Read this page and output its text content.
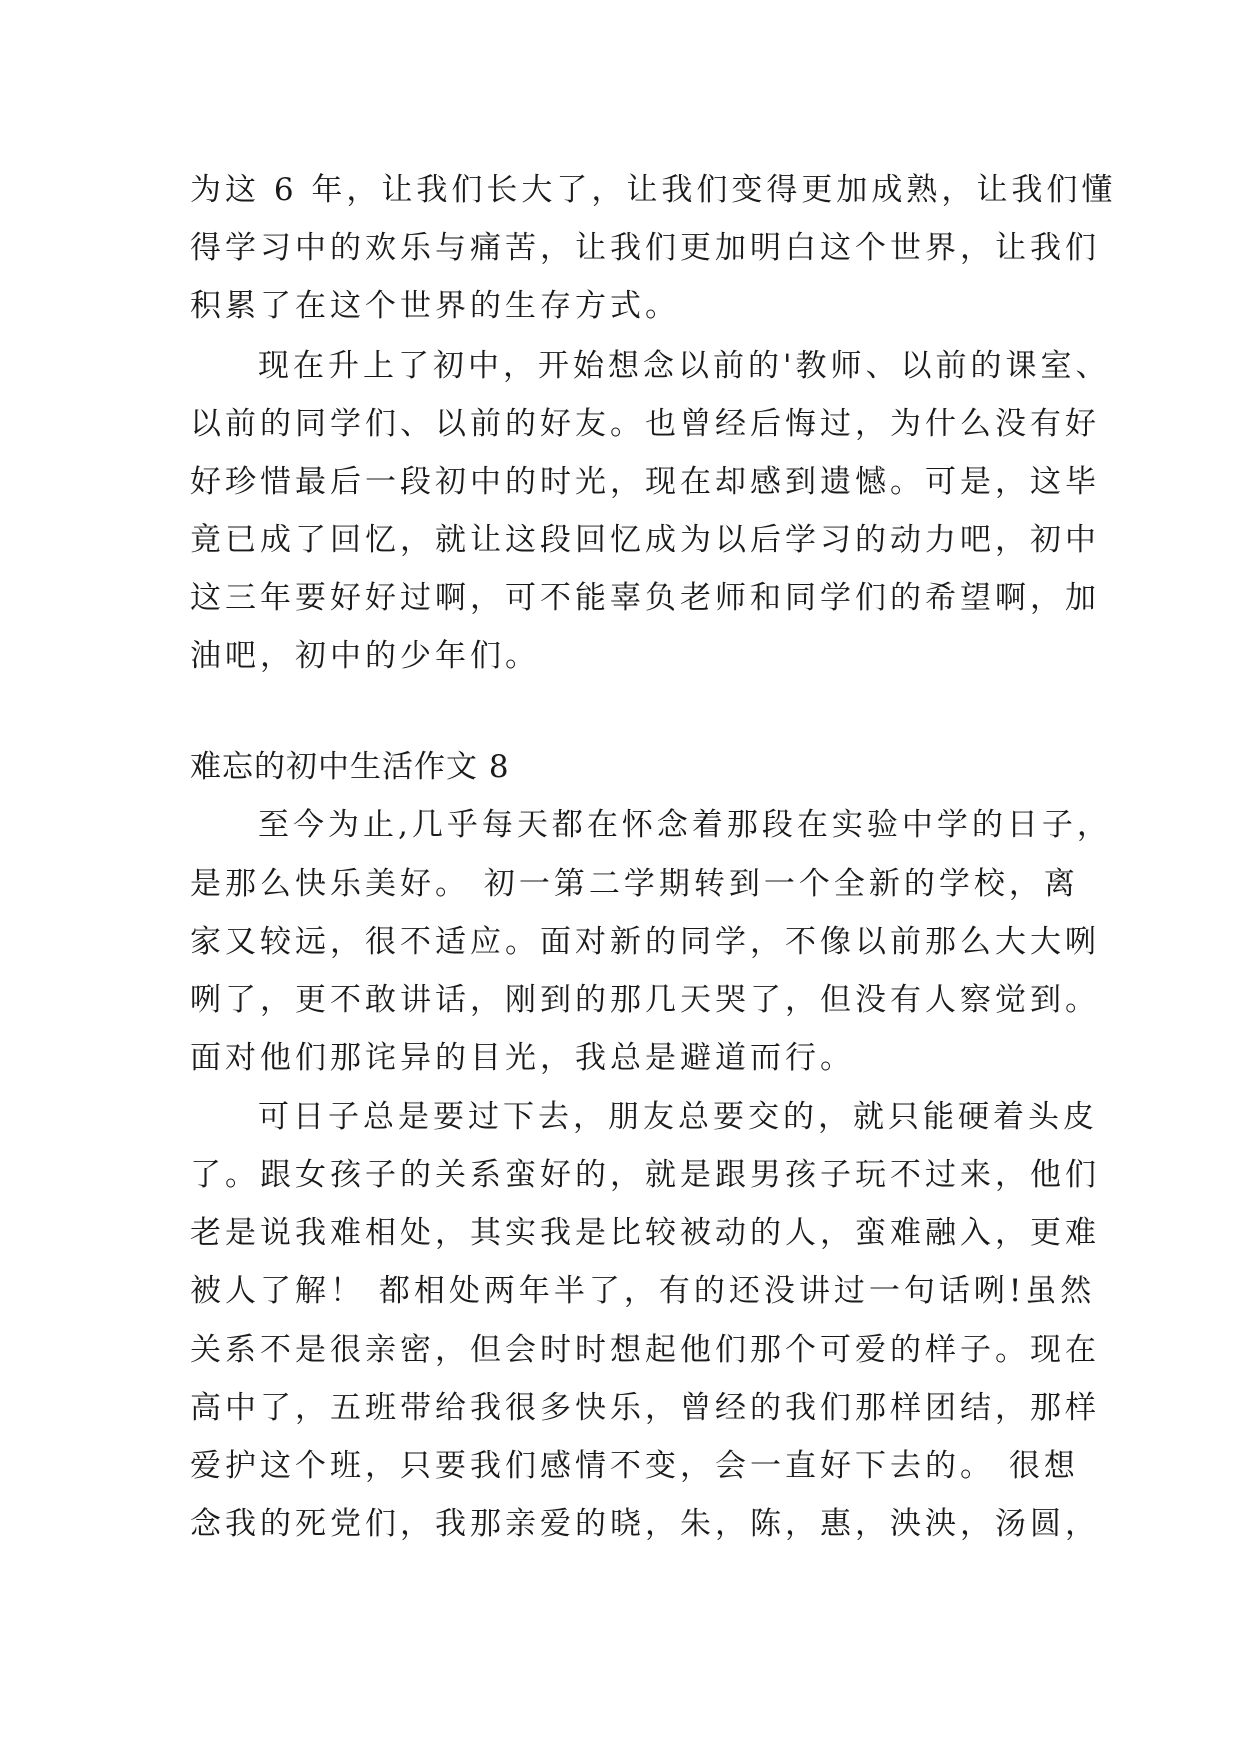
为这 6 年，让我们长大了，让我们变得更加成熟，让我们懂
得学习中的欢乐与痛苦，让我们更加明白这个世界，让我们
积累了在这个世界的生存方式。
现在升上了初中，开始想念以前的'教师、以前的课室、
以前的同学们、以前的好友。也曾经后悔过，为什么没有好
好珍惜最后一段初中的时光，现在却感到遗憾。可是，这毕
竟已成了回忆，就让这段回忆成为以后学习的动力吧，初中
这三年要好好过啊，可不能辜负老师和同学们的希望啊，加
油吧，初中的少年们。
难忘的初中生活作文 8
至今为止,几乎每天都在怀念着那段在实验中学的日子，
是那么快乐美好。 初一第二学期转到一个全新的学校，离
家又较远，很不适应。面对新的同学，不像以前那么大大咧
咧了，更不敢讲话，刚到的那几天哭了，但没有人察觉到。
面对他们那诧异的目光，我总是避道而行。
可日子总是要过下去，朋友总要交的，就只能硬着头皮
了。跟女孩子的关系蛮好的，就是跟男孩子玩不过来，他们
老是说我难相处，其实我是比较被动的人，蛮难融入，更难
被人了解！ 都相处两年半了，有的还没讲过一句话咧!虽然
关系不是很亲密，但会时时想起他们那个可爱的样子。现在
高中了，五班带给我很多快乐，曾经的我们那样团结，那样
爱护这个班，只要我们感情不变，会一直好下去的。 很想
念我的死党们，我那亲爱的晓，朱，陈，惠，泱泱，汤圆，
